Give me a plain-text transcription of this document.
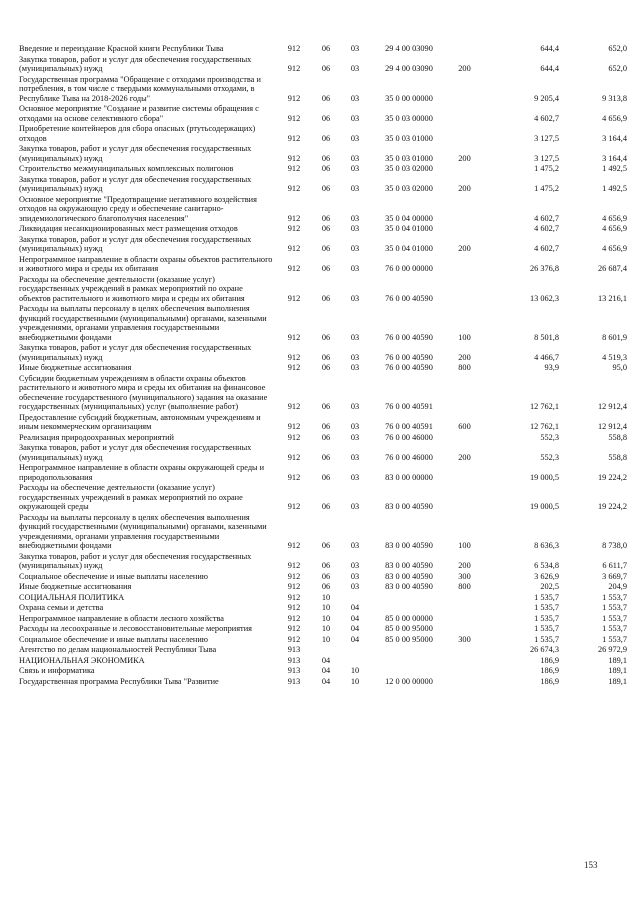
Введение и переиздание Красной книги Республики Тыва	912	06	03	29 4 00 03090		644,4	652,0
Закупка товаров, работ и услуг для обеспечения государственных (муниципальных) нужд	912	06	03	29 4 00 03090	200	644,4	652,0
Государственная программа "Обращение с отходами производства и потребления, в том числе с твердыми коммунальными отходами, в Республике Тыва на 2018-2026 годы"	912	06	03	35 0 00 00000		9 205,4	9 313,8
Основное мероприятие "Создание и развитие системы обращения с отходами на основе селективного сбора"	912	06	03	35 0 03 00000		4 602,7	4 656,9
Приобретение контейнеров для сбора опасных (ртутьсодержащих) отходов	912	06	03	35 0 03 01000		3 127,5	3 164,4
Закупка товаров, работ и услуг для обеспечения государственных (муниципальных) нужд	912	06	03	35 0 03 01000	200	3 127,5	3 164,4
Строительство межмуниципальных комплексных полигонов	912	06	03	35 0 03 02000		1 475,2	1 492,5
Закупка товаров, работ и услуг для обеспечения государственных (муниципальных) нужд	912	06	03	35 0 03 02000	200	1 475,2	1 492,5
Основное мероприятие "Предотвращение негативного воздействия отходов на окружающую среду и обеспечение санитарно-эпидемиологического благополучия населения"	912	06	03	35 0 04 00000		4 602,7	4 656,9
Ликвидация несанкционированных мест размещения отходов	912	06	03	35 0 04 01000		4 602,7	4 656,9
Закупка товаров, работ и услуг для обеспечения государственных (муниципальных) нужд	912	06	03	35 0 04 01000	200	4 602,7	4 656,9
Непрограммное направление в области охраны объектов растительного и животного мира и среды их обитания	912	06	03	76 0 00 00000		26 376,8	26 687,4
Расходы на обеспечение деятельности (оказание услуг) государственных учреждений в рамках мероприятий по охране объектов растительного и животного мира и среды их обитания	912	06	03	76 0 00 40590		13 062,3	13 216,1
Расходы на выплаты персоналу в целях обеспечения выполнения функций государственными (муниципальными) органами, казенными учреждениями, органами управления государственными внебюджетными фондами	912	06	03	76 0 00 40590	100	8 501,8	8 601,9
Закупка товаров, работ и услуг для обеспечения государственных (муниципальных) нужд	912	06	03	76 0 00 40590	200	4 466,7	4 519,3
Иные бюджетные ассигнования	912	06	03	76 0 00 40590	800	93,9	95,0
Субсидии бюджетным учреждениям в области охраны объектов растительного и животного мира и среды их обитания на финансовое обеспечение государственного (муниципального) задания на оказание государственных (муниципальных) услуг (выполнение работ)	912	06	03	76 0 00 40591		12 762,1	12 912,4
Предоставление субсидий бюджетным, автономным учреждениям и иным некоммерческим организациям	912	06	03	76 0 00 40591	600	12 762,1	12 912,4
Реализация природоохранных мероприятий	912	06	03	76 0 00 46000		552,3	558,8
Закупка товаров, работ и услуг для обеспечения государственных (муниципальных) нужд	912	06	03	76 0 00 46000	200	552,3	558,8
Непрограммное направление в области охраны окружающей среды и природопользования	912	06	03	83 0 00 00000		19 000,5	19 224,2
Расходы на обеспечение деятельности (оказание услуг) государственных учреждений в рамках мероприятий по охране окружающей среды	912	06	03	83 0 00 40590		19 000,5	19 224,2
Расходы на выплаты персоналу в целях обеспечения выполнения функций государственными (муниципальными) органами, казенными учреждениями, органами управления государственными внебюджетными фондами	912	06	03	83 0 00 40590	100	8 636,3	8 738,0
Закупка товаров, работ и услуг для обеспечения государственных (муниципальных) нужд	912	06	03	83 0 00 40590	200	6 534,8	6 611,7
Социальное обеспечение и иные выплаты населению	912	06	03	83 0 00 40590	300	3 626,9	3 669,7
Иные бюджетные ассигнования	912	06	03	83 0 00 40590	800	202,5	204,9
СОЦИАЛЬНАЯ ПОЛИТИКА	912	10				1 535,7	1 553,7
Охрана семьи и детства	912	10	04			1 535,7	1 553,7
Непрограммное направление в области лесного хозяйства	912	10	04	85 0 00 00000		1 535,7	1 553,7
Расходы на лесоохранные и лесовосстановительные мероприятия	912	10	04	85 0 00 95000		1 535,7	1 553,7
Социальное обеспечение и иные выплаты населению	912	10	04	85 0 00 95000	300	1 535,7	1 553,7
Агентство по делам национальностей Республики Тыва	913					26 674,3	26 972,9
НАЦИОНАЛЬНАЯ ЭКОНОМИКА	913	04				186,9	189,1
Связь и информатика	913	04	10			186,9	189,1
Государственная программа Республики Тыва "Развитие	913	04	10	12 0 00 00000		186,9	189,1
153
